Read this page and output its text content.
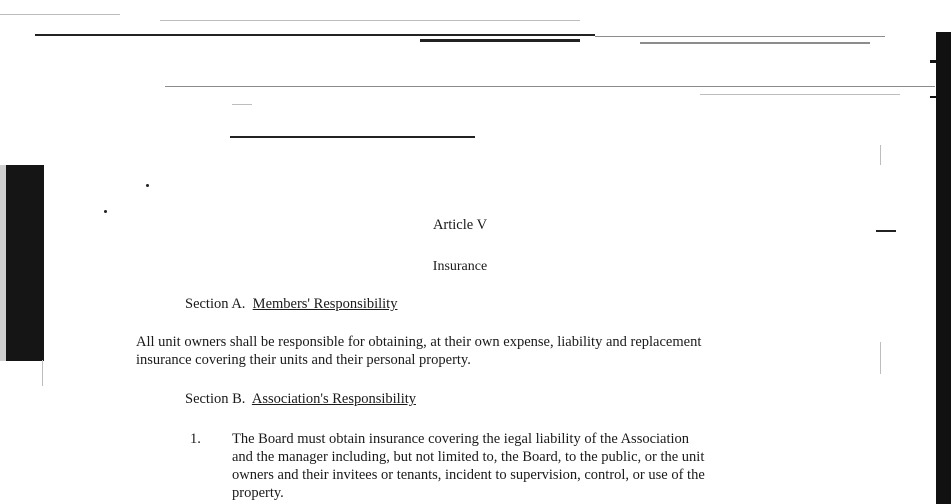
Article V
Insurance
Section A. Members' Responsibility
All unit owners shall be responsible for obtaining, at their own expense, liability and replacement
insurance covering their units and their personal property.
Section B. Association's Responsibility
1. The Board must obtain insurance covering the iegal liability of the Association
and the manager including, but not limited to, the Board, to the public, or the unit
owners and their invitees or tenants, incident to supervision, control, or use of the
property.
